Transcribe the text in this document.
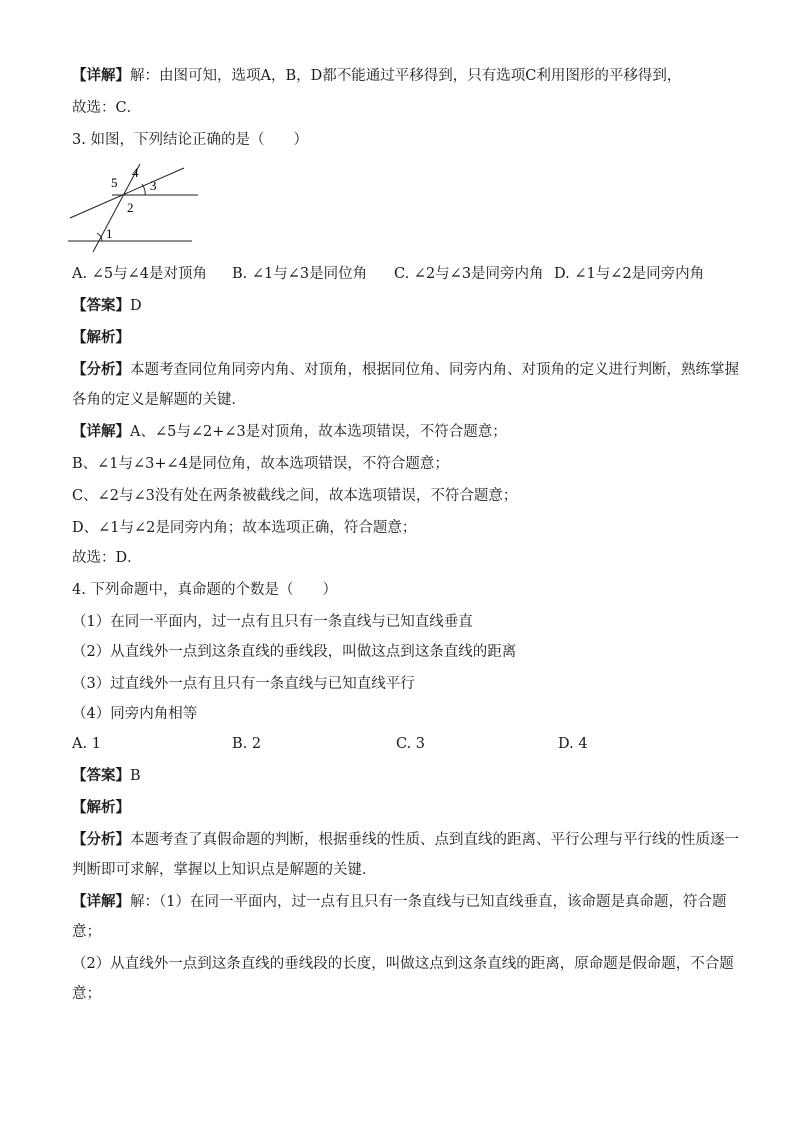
【详解】解：由图可知，选项A，B，D都不能通过平移得到，只有选项C利用图形的平移得到，
故选：C．
3. 如图，下列结论正确的是（　　）
4
5	3
2
1
A. ∠5与∠4是对顶角 B. ∠1与∠3是同位角 C. ∠2与∠3是同旁内角 D. ∠1与∠2是同旁内角
【答案】D
【解析】
【分析】本题考查同位角同旁内角、对顶角，根据同位角、同旁内角、对顶角的定义进行判断，熟练掌握
各角的定义是解题的关键．
【详解】A、∠5与∠2+∠3是对顶角，故本选项错误，不符合题意；
B、∠1与∠3+∠4是同位角，故本选项错误，不符合题意；
C、∠2与∠3没有处在两条被截线之间，故本选项错误，不符合题意；
D、∠1与∠2是同旁内角；故本选项正确，符合题意；
故选：D．
4. 下列命题中，真命题的个数是（　　）
（1）在同一平面内，过一点有且只有一条直线与已知直线垂直
（2）从直线外一点到这条直线的垂线段，叫做这点到这条直线的距离
（3）过直线外一点有且只有一条直线与已知直线平行
（4）同旁内角相等
A. 1	B. 2	C. 3	D. 4
【答案】B
【解析】
【分析】本题考查了真假命题的判断，根据垂线的性质、点到直线的距离、平行公理与平行线的性质逐一
判断即可求解，掌握以上知识点是解题的关键．
【详解】解：（1）在同一平面内，过一点有且只有一条直线与已知直线垂直，该命题是真命题，符合题
意；
（2）从直线外一点到这条直线的垂线段的长度，叫做这点到这条直线的距离，原命题是假命题，不合题
意；
